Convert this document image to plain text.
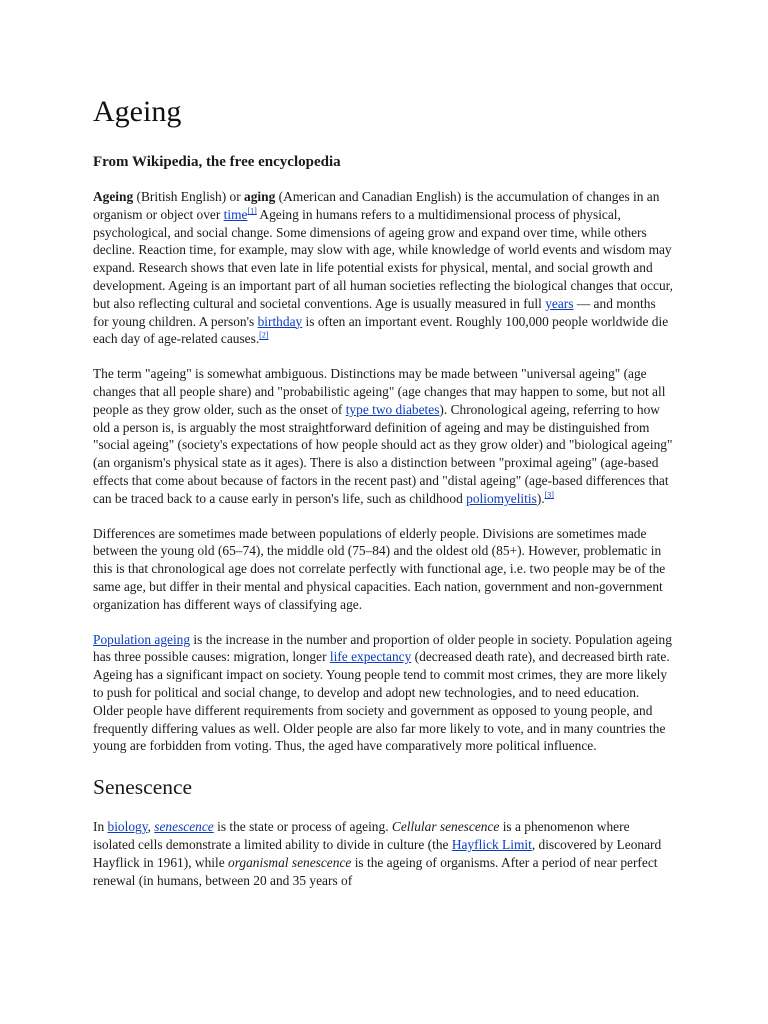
Ageing
From Wikipedia, the free encyclopedia

Ageing (British English) or aging (American and Canadian English) is the accumulation of changes in an organism or object over time[1] Ageing in humans refers to a multidimensional process of physical, psychological, and social change. Some dimensions of ageing grow and expand over time, while others decline. Reaction time, for example, may slow with age, while knowledge of world events and wisdom may expand. Research shows that even late in life potential exists for physical, mental, and social growth and development. Ageing is an important part of all human societies reflecting the biological changes that occur, but also reflecting cultural and societal conventions. Age is usually measured in full years — and months for young children. A person's birthday is often an important event. Roughly 100,000 people worldwide die each day of age-related causes.[2]

The term "ageing" is somewhat ambiguous. Distinctions may be made between "universal ageing" (age changes that all people share) and "probabilistic ageing" (age changes that may happen to some, but not all people as they grow older, such as the onset of type two diabetes). Chronological ageing, referring to how old a person is, is arguably the most straightforward definition of ageing and may be distinguished from "social ageing" (society's expectations of how people should act as they grow older) and "biological ageing" (an organism's physical state as it ages). There is also a distinction between "proximal ageing" (age-based effects that come about because of factors in the recent past) and "distal ageing" (age-based differences that can be traced back to a cause early in person's life, such as childhood poliomyelitis).[3]

Differences are sometimes made between populations of elderly people. Divisions are sometimes made between the young old (65–74), the middle old (75–84) and the oldest old (85+). However, problematic in this is that chronological age does not correlate perfectly with functional age, i.e. two people may be of the same age, but differ in their mental and physical capacities. Each nation, government and non-government organization has different ways of classifying age.

Population ageing is the increase in the number and proportion of older people in society. Population ageing has three possible causes: migration, longer life expectancy (decreased death rate), and decreased birth rate. Ageing has a significant impact on society. Young people tend to commit most crimes, they are more likely to push for political and social change, to develop and adopt new technologies, and to need education. Older people have different requirements from society and government as opposed to young people, and frequently differing values as well. Older people are also far more likely to vote, and in many countries the young are forbidden from voting. Thus, the aged have comparatively more political influence.

Senescence

In biology, senescence is the state or process of ageing. Cellular senescence is a phenomenon where isolated cells demonstrate a limited ability to divide in culture (the Hayflick Limit, discovered by Leonard Hayflick in 1961), while organismal senescence is the ageing of organisms. After a period of near perfect renewal (in humans, between 20 and 35 years of
